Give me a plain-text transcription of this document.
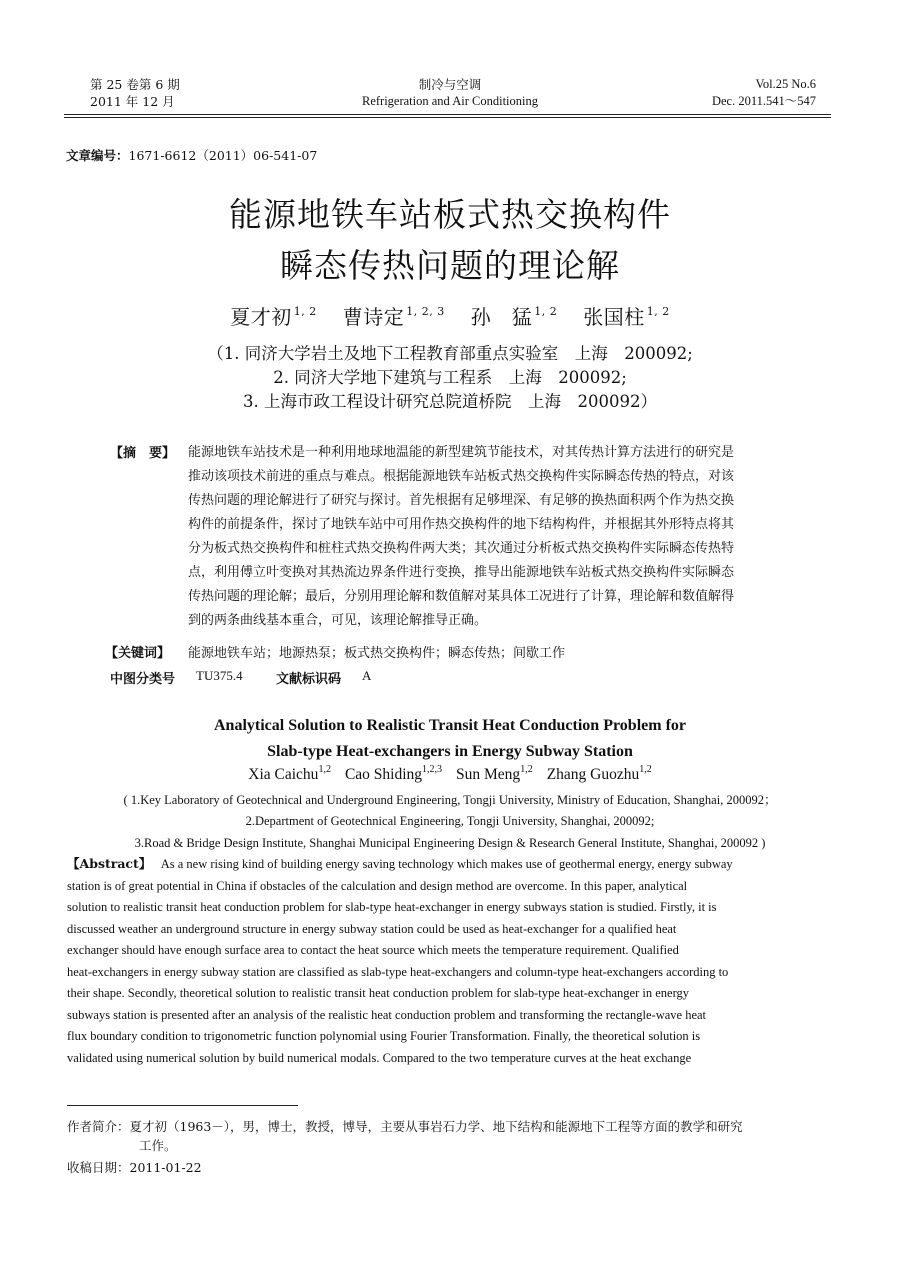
第 25 卷第 6 期
2011 年 12 月
制冷与空调
Refrigeration and Air Conditioning
Vol.25 No.6
Dec. 2011.541～547
文章编号：1671-6612（2011）06-541-07
能源地铁车站板式热交换构件
瞬态传热问题的理论解
夏才初 $^{1, 2}$ 曹诗定 $^{1, 2, 3}$ 孙　猛 $^{1, 2}$ 张国柱 $^{1, 2}$
（1. 同济大学岩土及地下工程教育部重点实验室　上海　200092;
2. 同济大学地下建筑与工程系　上海　200092;
3. 上海市政工程设计研究总院道桥院　上海　200092）
【摘　要】 能源地铁车站技术是一种利用地球地温能的新型建筑节能技术，对其传热计算方法进行的研究是
推动该项技术前进的重点与难点。根据能源地铁车站板式热交换构件实际瞬态传热的特点，对该
传热问题的理论解进行了研究与探讨。首先根据有足够埋深、有足够的换热面积两个作为热交换
构件的前提条件，探讨了地铁车站中可用作热交换构件的地下结构构件，并根据其外形特点将其
分为板式热交换构件和桩柱式热交换构件两大类；其次通过分析板式热交换构件实际瞬态传热特
点，利用傅立叶变换对其热流边界条件进行变换，推导出能源地铁车站板式热交换构件实际瞬态
传热问题的理论解；最后，分别用理论解和数值解对某具体工况进行了计算，理论解和数值解得
到的两条曲线基本重合，可见，该理论解推导正确。
【关键词】 能源地铁车站；地源热泵；板式热交换构件；瞬态传热；间歇工作
中图分类号 TU375.4	文献标识码 A
Analytical Solution to Realistic Transit Heat Conduction Problem for
Slab-type Heat-exchangers in Energy Subway Station
Xia Caichu$^{1,2}$ Cao Shiding$^{1,2,3}$ Sun Meng$^{1,2}$ Zhang Guozhu$^{1,2}$
( 1.Key Laboratory of Geotechnical and Underground Engineering, Tongji University, Ministry of Education, Shanghai, 200092；
2.Department of Geotechnical Engineering, Tongji University, Shanghai, 200092;
3.Road & Bridge Design Institute, Shanghai Municipal Engineering Design & Research General Institute, Shanghai, 200092 )
【Abstract】 As a new rising kind of building energy saving technology which makes use of geothermal energy, energy subway
station is of great potential in China if obstacles of the calculation and design method are overcome. In this paper, analytical
solution to realistic transit heat conduction problem for slab-type heat-exchanger in energy subways station is studied. Firstly, it is
discussed weather an underground structure in energy subway station could be used as heat-exchanger for a qualified heat
exchanger should have enough surface area to contact the heat source which meets the temperature requirement. Qualified
heat-exchangers in energy subway station are classified as slab-type heat-exchangers and column-type heat-exchangers according to
their shape. Secondly, theoretical solution to realistic transit heat conduction problem for slab-type heat-exchanger in energy
subways station is presented after an analysis of the realistic heat conduction problem and transforming the rectangle-wave heat
flux boundary condition to trigonometric function polynomial using Fourier Transformation. Finally, the theoretical solution is
validated using numerical solution by build numerical modals. Compared to the two temperature curves at the heat exchange
作者简介：夏才初（1963－），男，博士，教授，博导，主要从事岩石力学、地下结构和能源地下工程等方面的教学和研究
工作。
收稿日期：2011-01-22
